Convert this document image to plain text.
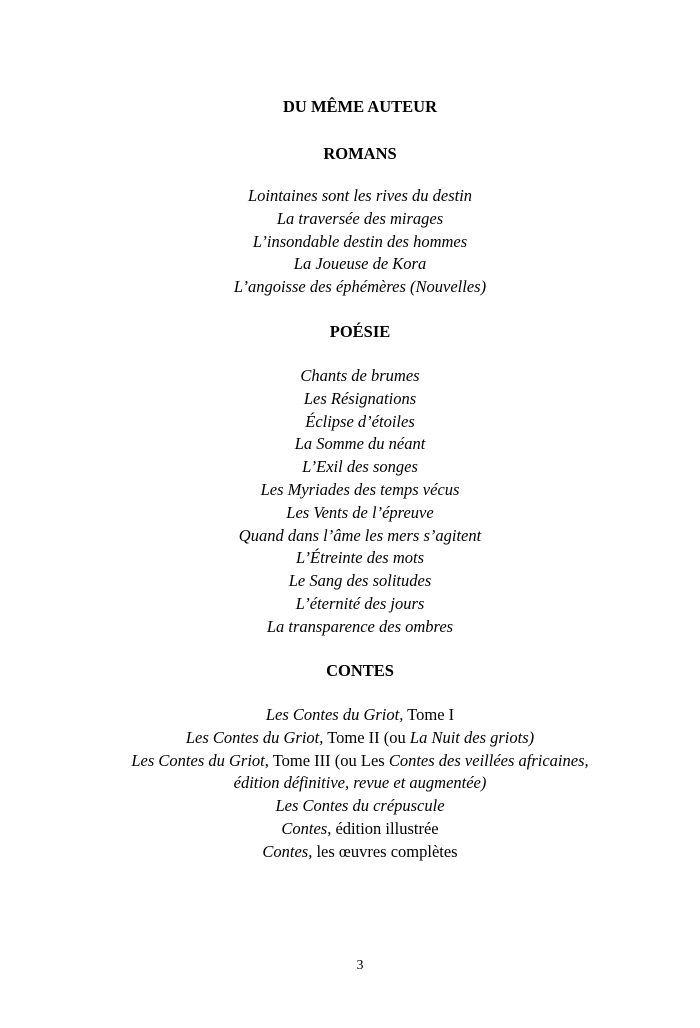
DU MÊME AUTEUR
ROMANS
Lointaines sont les rives du destin
La traversée des mirages
L’insondable destin des hommes
La Joueuse de Kora
L’angoisse des éphémères (Nouvelles)
POÉSIE
Chants de brumes
Les Résignations
Éclipse d’étoiles
La Somme du néant
L’Exil des songes
Les Myriades des temps vécus
Les Vents de l’épreuve
Quand dans l’âme les mers s’agitent
L’Étreinte des mots
Le Sang des solitudes
L’éternité des jours
La transparence des ombres
CONTES
Les Contes du Griot, Tome I
Les Contes du Griot, Tome II (ou La Nuit des griots)
Les Contes du Griot, Tome III (ou Les Contes des veillées africaines,
édition définitive, revue et augmentée)
Les Contes du crépuscule
Contes, édition illustrée
Contes, les œuvres complètes
3
